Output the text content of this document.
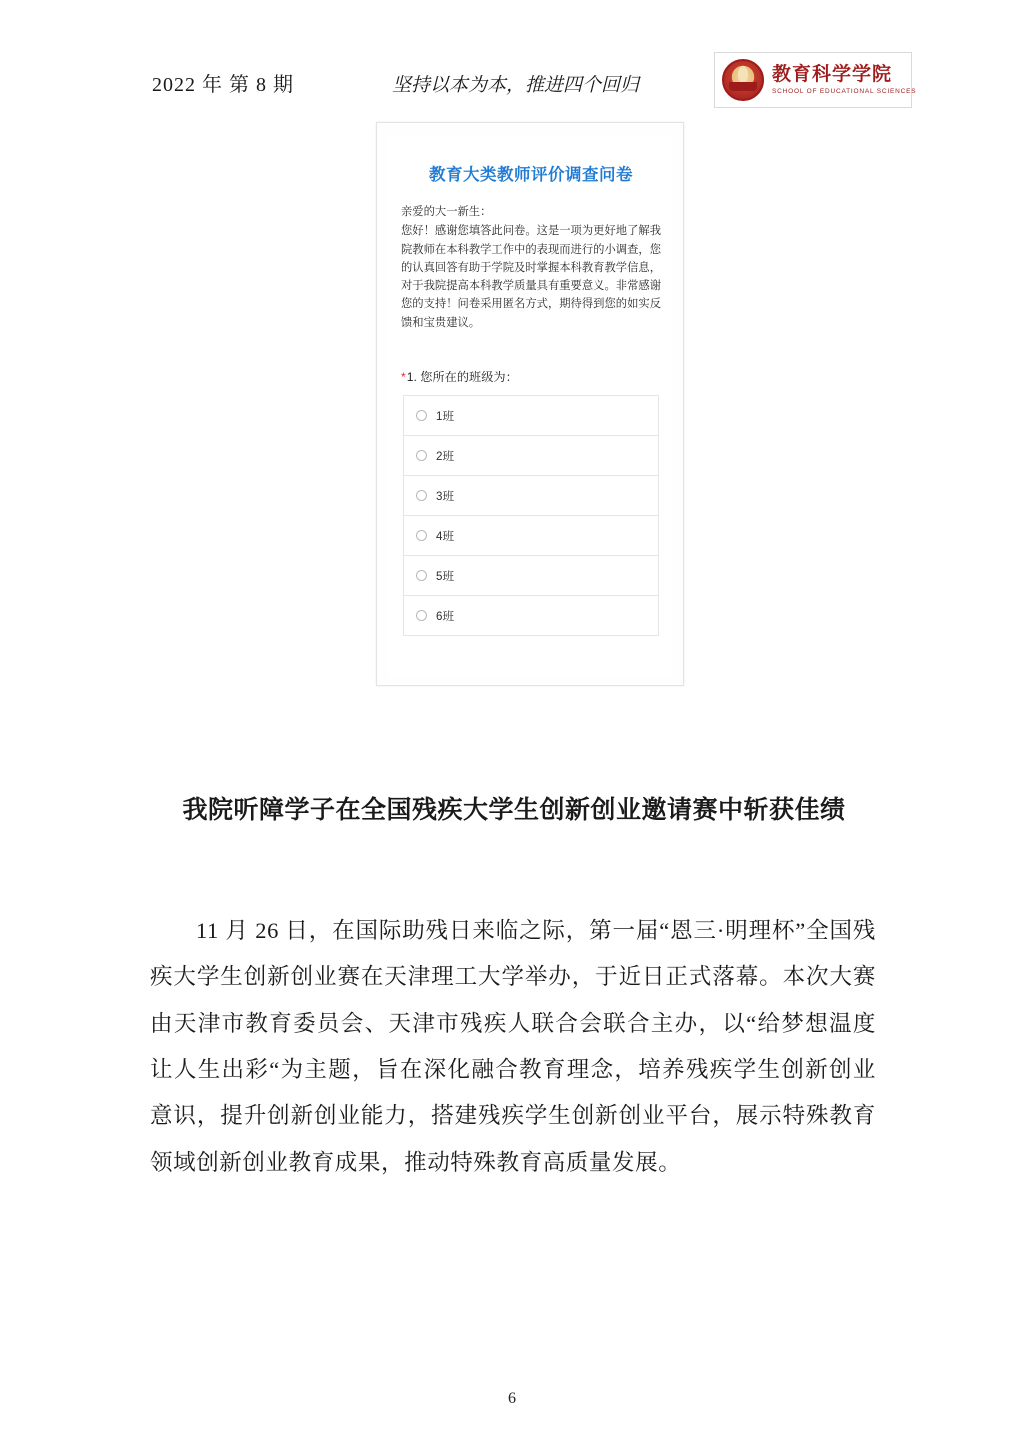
2022 年 第 8 期	坚持以本为本，推进四个回归	教育科学学院
SCHOOL OF EDUCATIONAL SCIENCES
教育大类教师评价调查问卷

亲爱的大一新生：

您好！感谢您填答此问卷。这是一项为更好地了解我院教师在本科教学工作中的表现而进行的小调查，您的认真回答有助于学院及时掌握本科教育教学信息，对于我院提高本科教学质量具有重要意义。非常感谢您的支持！问卷采用匿名方式，期待得到您的如实反馈和宝贵建议。

*1. 您所在的班级为：
1班
2班
3班
4班
5班
6班
我院听障学子在全国残疾大学生创新创业邀请赛中斩获佳绩
11 月 26 日，在国际助残日来临之际，第一届“恩三·明理杯”全国残疾大学生创新创业赛在天津理工大学举办，于近日正式落幕。本次大赛由天津市教育委员会、天津市残疾人联合会联合主办，以“给梦想温度 让人生出彩“为主题，旨在深化融合教育理念，培养残疾学生创新创业意识，提升创新创业能力，搭建残疾学生创新创业平台，展示特殊教育领域创新创业教育成果，推动特殊教育高质量发展。
6
